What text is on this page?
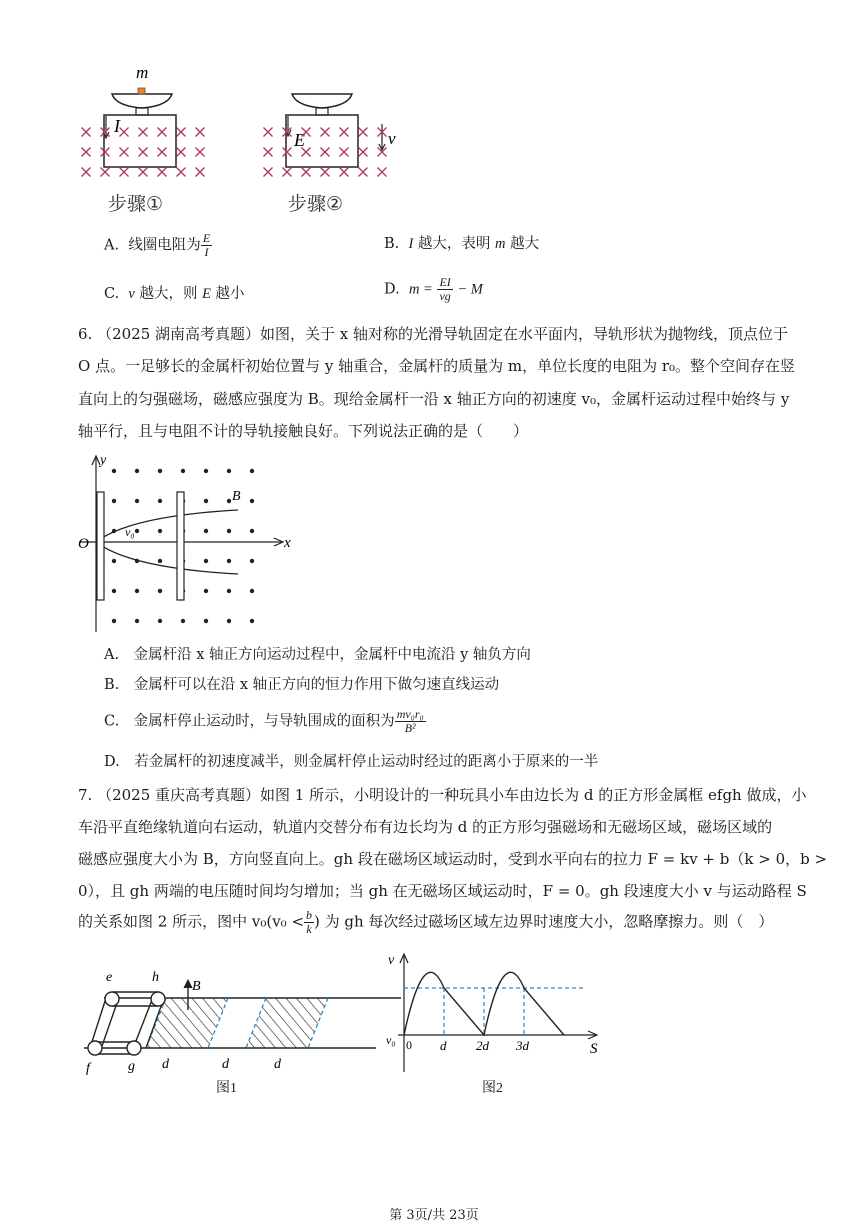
m
I
E	v
步骤①	步骤②
A. 线圈电阻为 $\frac{E}{I}$	B. I 越大，表明 m 越大
C. v 越大，则 E 越小	D. $m = \frac{EI}{vg} - M$
6. （2025 湖南高考真题）如图，关于 x 轴对称的光滑导轨固定在水平面内，导轨形状为抛物线，顶点位于
O 点。一足够长的金属杆初始位置与 y 轴重合，金属杆的质量为 m，单位长度的电阻为 r₀。整个空间存在竖
直向上的匀强磁场，磁感应强度为 B。现给金属杆一沿 x 轴正方向的初速度 v₀，金属杆运动过程中始终与 y
轴平行，且与电阻不计的导轨接触良好。下列说法正确的是（　　）
y
x
O
B
v₀
A.　金属杆沿 x 轴正方向运动过程中，金属杆中电流沿 y 轴负方向
B.　金属杆可以在沿 x 轴正方向的恒力作用下做匀速直线运动
C.　金属杆停止运动时，与导轨围成的面积为 $\frac{\text{mv₀r₀}}{\text{B²}}$
D.　若金属杆的初速度减半，则金属杆停止运动时经过的距离小于原来的一半
7. （2025 重庆高考真题）如图 1 所示，小明设计的一种玩具小车由边长为 d 的正方形金属框 efgh 做成，小
车沿平直绝缘轨道向右运动，轨道内交替分布有边长均为 d 的正方形匀强磁场和无磁场区域，磁场区域的
磁感应强度大小为 B，方向竖直向上。gh 段在磁场区域运动时，受到水平向右的拉力 F = kv + b（k > 0，b >
0），且 gh 两端的电压随时间均匀增加；当 gh 在无磁场区域运动时，F = 0。gh 段速度大小 v 与运动路程 S
的关系如图 2 所示，图中 $v_0(v_0 < \frac{b}{k}$ ) 为 gh 每次经过磁场区域左边界时速度大小，忽略摩擦力。则（　）
B
e	h
f	g d	d	d
图1
v
S
v₀ 0 d 2d 3d
图2
第 3页/共 23页
